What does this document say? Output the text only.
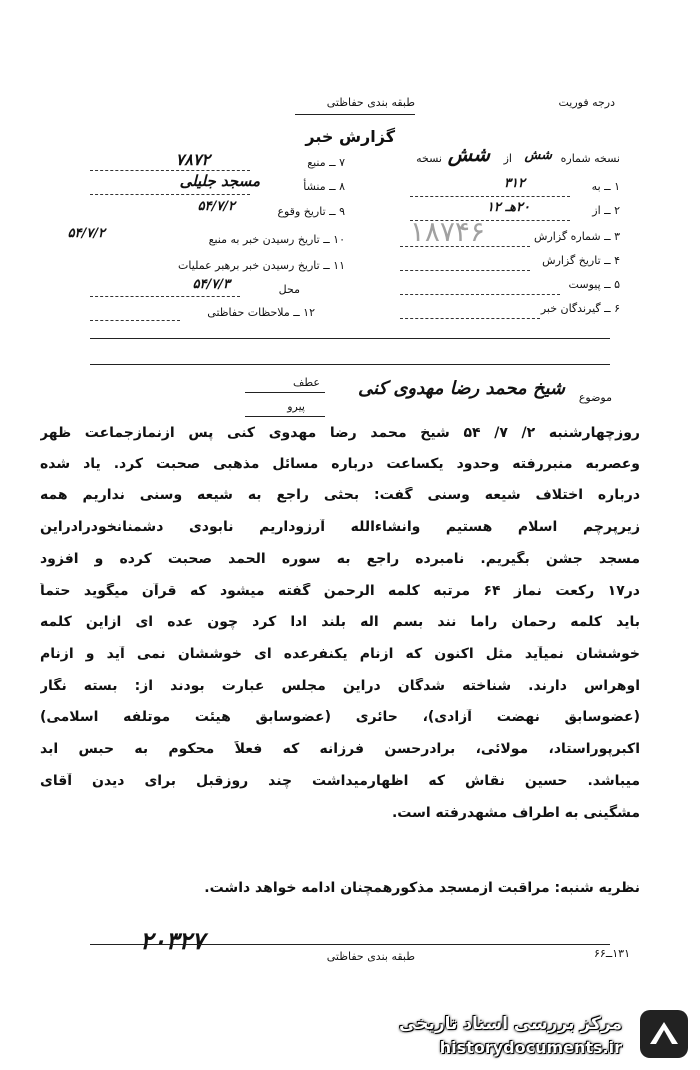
درجه فوریت
طبقه بندی حفاظتی
گزارش خبر
نسخه شماره
شش
از
شش
نسخه
۱ ــ به
۳۱۲
۲ ــ از
۲۰هـ ۱۲
۳ ــ شماره گزارش
۴ ــ تاریخ گزارش
۵ ــ پیوست
۶ ــ گیرندگان خبر
۷ ــ منبع
۷۸۷۲
۸ ــ منشأ
مسجد جلیلی
۹ ــ تاریخ وقوع
۵۴/۷/۲
۱۰ ــ تاریخ رسیدن خبر به منبع
۵۴/۷/۲
۱۱ ــ تاریخ رسیدن خبر برهبر عملیات
محل
۵۴/۷/۳
۱۲ ــ ملاحظات حفاظتی
۱۸۷۴۶
موضوع
شیخ محمد رضا مهدوی کنی
عطف
پیرو
روزچهارشنبه ۲/ ۷/ ۵۴ شیخ محمد رضا مهدوی کنی پس ازنمازجماعت ظهر
وعصربه منبررفته وحدود یکساعت درباره مسائل مذهبی صحبت کرد. یاد شده
درباره اختلاف شیعه وسنی گفت: بحثی راجع به شیعه وسنی نداریم همه
زیرپرچم اسلام هستیم وانشاءالله آرزوداریم نابودی دشمنانخودرادراین
مسجد جشن بگیریم. نامبرده راجع به سوره الحمد صحبت کرده و افزود
در۱۷ رکعت نماز ۶۴ مرتبه کلمه الرحمن گفته میشود که قرآن میگوید حتماً
باید کلمه رحمان راما نند بسم اله بلند ادا کرد چون عده ای ازاین کلمه
خوششان نمیآید مثل اکنون که ازنام یکنفرعده ای خوششان نمی آید و ازنام
اوهراس دارند. شناخته شدگان دراین مجلس عبارت بودند از: بسته نگار
(عضوسابق نهضت آزادی)، حائری (عضوسابق هیئت موتلفه اسلامی)
اکبرپوراستاد، مولائی، برادرحسن فرزانه که فعلاً محکوم به حبس ابد
میباشد. حسین نقاش که اظهارمیداشت چند روزقبل برای دیدن آقای
مشگینی به اطراف مشهدرفته است.
نظریه شنبه: مراقبت ازمسجد مذکورهمچنان ادامه خواهد داشت.
۲۰۳۲۷	۱۳۱ــ۶۶
طبقه بندی حفاظتی
مرکز بررسی اسناد تاریخی
historydocuments.ir
